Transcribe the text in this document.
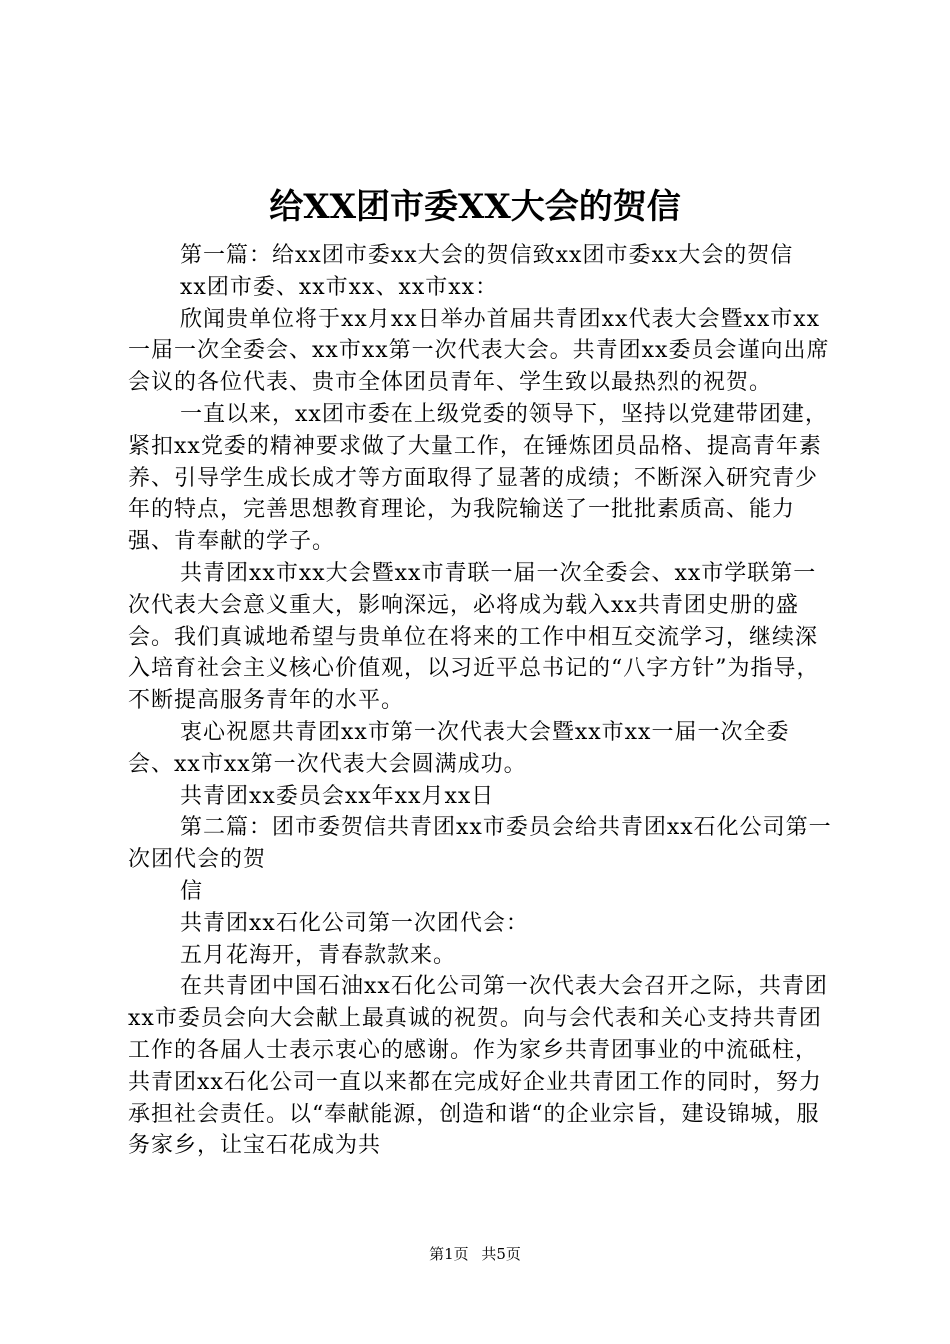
给XX团市委XX大会的贺信

第一篇：给xx团市委xx大会的贺信致xx团市委xx大会的贺信

xx团市委、xx市xx、xx市xx：

欣闻贵单位将于xx月xx日举办首届共青团xx代表大会暨xx市xx一届一次全委会、xx市xx第一次代表大会。共青团xx委员会谨向出席会议的各位代表、贵市全体团员青年、学生致以最热烈的祝贺。

一直以来，xx团市委在上级党委的领导下，坚持以党建带团建，紧扣xx党委的精神要求做了大量工作，在锤炼团员品格、提高青年素养、引导学生成长成才等方面取得了显著的成绩；不断深入研究青少年的特点，完善思想教育理论，为我院输送了一批批素质高、能力强、肯奉献的学子。

共青团xx市xx大会暨xx市青联一届一次全委会、xx市学联第一次代表大会意义重大，影响深远，必将成为载入xx共青团史册的盛会。我们真诚地希望与贵单位在将来的工作中相互交流学习，继续深入培育社会主义核心价值观，以习近平总书记的“八字方针”为指导，不断提高服务青年的水平。

衷心祝愿共青团xx市第一次代表大会暨xx市xx一届一次全委会、xx市xx第一次代表大会圆满成功。

共青团xx委员会xx年xx月xx日

第二篇：团市委贺信共青团xx市委员会给共青团xx石化公司第一次团代会的贺

信

共青团xx石化公司第一次团代会：

五月花海开，青春款款来。

在共青团中国石油xx石化公司第一次代表大会召开之际，共青团xx市委员会向大会献上最真诚的祝贺。向与会代表和关心支持共青团工作的各届人士表示衷心的感谢。作为家乡共青团事业的中流砥柱，共青团xx石化公司一直以来都在完成好企业共青团工作的同时，努力承担社会责任。以“奉献能源，创造和谐“的企业宗旨，建设锦城，服务家乡，让宝石花成为共

第1页 共5页
